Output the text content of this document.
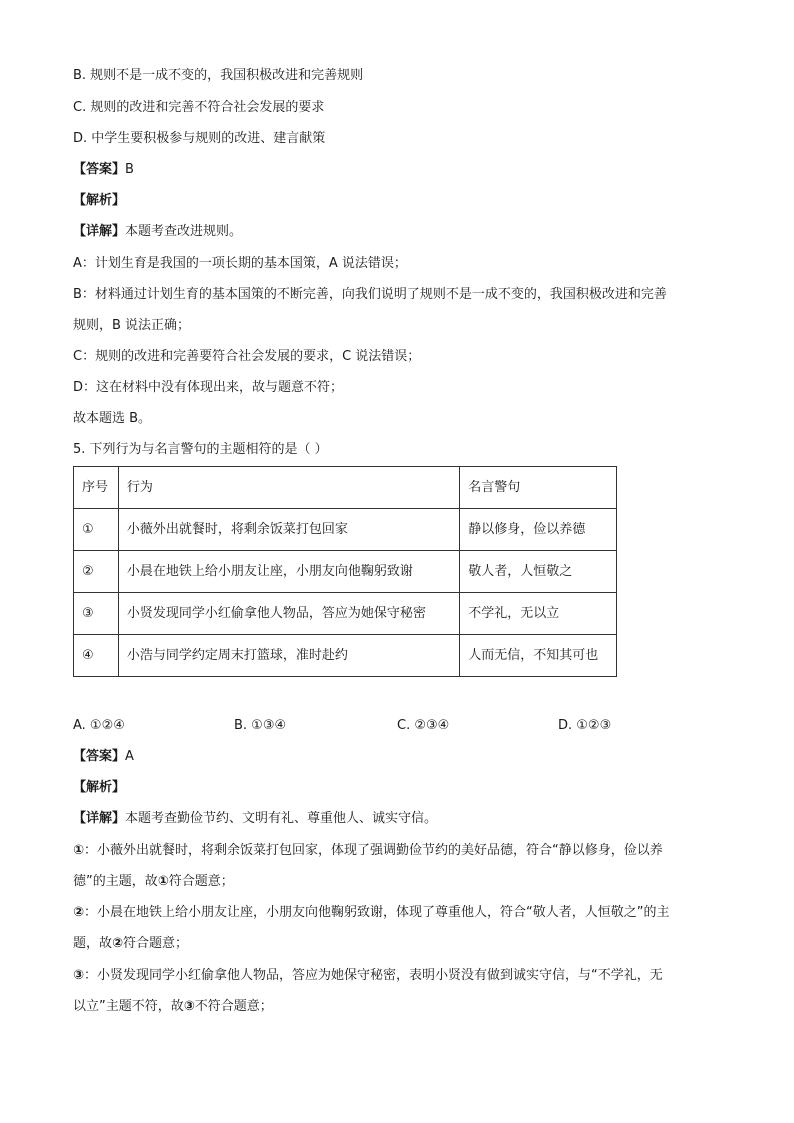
B. 规则不是一成不变的，我国积极改进和完善规则
C. 规则的改进和完善不符合社会发展的要求
D. 中学生要积极参与规则的改进、建言献策
【答案】B
【解析】
【详解】本题考查改进规则。
A：计划生育是我国的一项长期的基本国策，A 说法错误；
B：材料通过计划生育的基本国策的不断完善，向我们说明了规则不是一成不变的，我国积极改进和完善
规则，B 说法正确；
C：规则的改进和完善要符合社会发展的要求，C 说法错误；
D：这在材料中没有体现出来，故与题意不符；
故本题选 B。
5. 下列行为与名言警句的主题相符的是（ ）
序号	行为	名言警句
①	小薇外出就餐时，将剩余饭菜打包回家	静以修身，俭以养德
②	小晨在地铁上给小朋友让座，小朋友向他鞠躬致谢	敬人者，人恒敬之
③	小贤发现同学小红偷拿他人物品，答应为她保守秘密	不学礼，无以立
④	小浩与同学约定周末打篮球，准时赴约	人而无信，不知其可也
A. ①②④	B. ①③④	C. ②③④	D. ①②③
【答案】A
【解析】
【详解】本题考查勤俭节约、文明有礼、尊重他人、诚实守信。
①：小薇外出就餐时，将剩余饭菜打包回家，体现了强调勤俭节约的美好品德，符合“静以修身，俭以养
德”的主题，故①符合题意；
②：小晨在地铁上给小朋友让座，小朋友向他鞠躬致谢，体现了尊重他人，符合“敬人者，人恒敬之”的主
题，故②符合题意；
③：小贤发现同学小红偷拿他人物品，答应为她保守秘密，表明小贤没有做到诚实守信，与“不学礼，无
以立”主题不符，故③不符合题意；
